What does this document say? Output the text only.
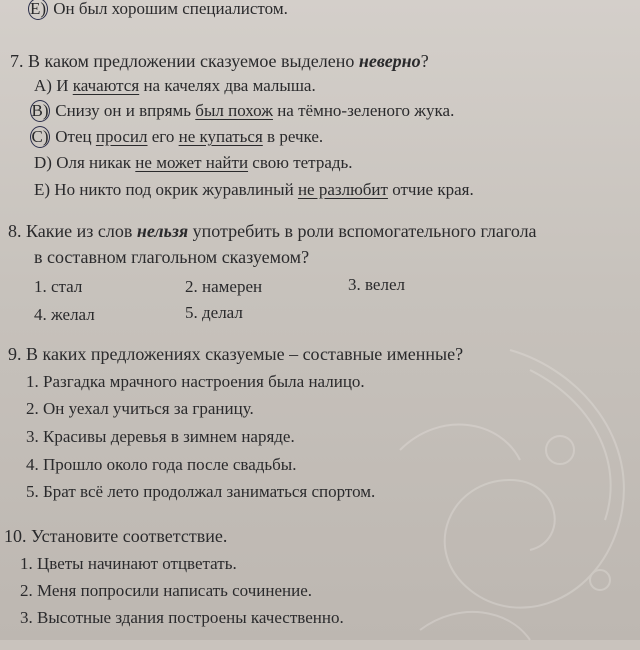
E) Он был хорошим специалистом.
7. В каком предложении сказуемое выделено неверно?
А) И качаются на качелях два малыша.
В) Снизу он и впрямь был похож на тёмно-зеленого жука.
С) Отец просил его не купаться в речке.
D) Оля никак не может найти свою тетрадь.
E) Но никто под окрик журавлиный не разлюбит отчие края.
8. Какие из слов нельзя употребить в роли вспомогательного глагола
в составном глагольном сказуемом?
1. стал	2. намерен	3. велел
4. желал	5. делал
9. В каких предложениях сказуемые – составные именные?
1. Разгадка мрачного настроения была налицо.
2. Он уехал учиться за границу.
3. Красивы деревья в зимнем наряде.
4. Прошло около года после свадьбы.
5. Брат всё лето продолжал заниматься спортом.
10. Установите соответствие.
1. Цветы начинают отцветать.
2. Меня попросили написать сочинение.
3. Высотные здания построены качественно.
